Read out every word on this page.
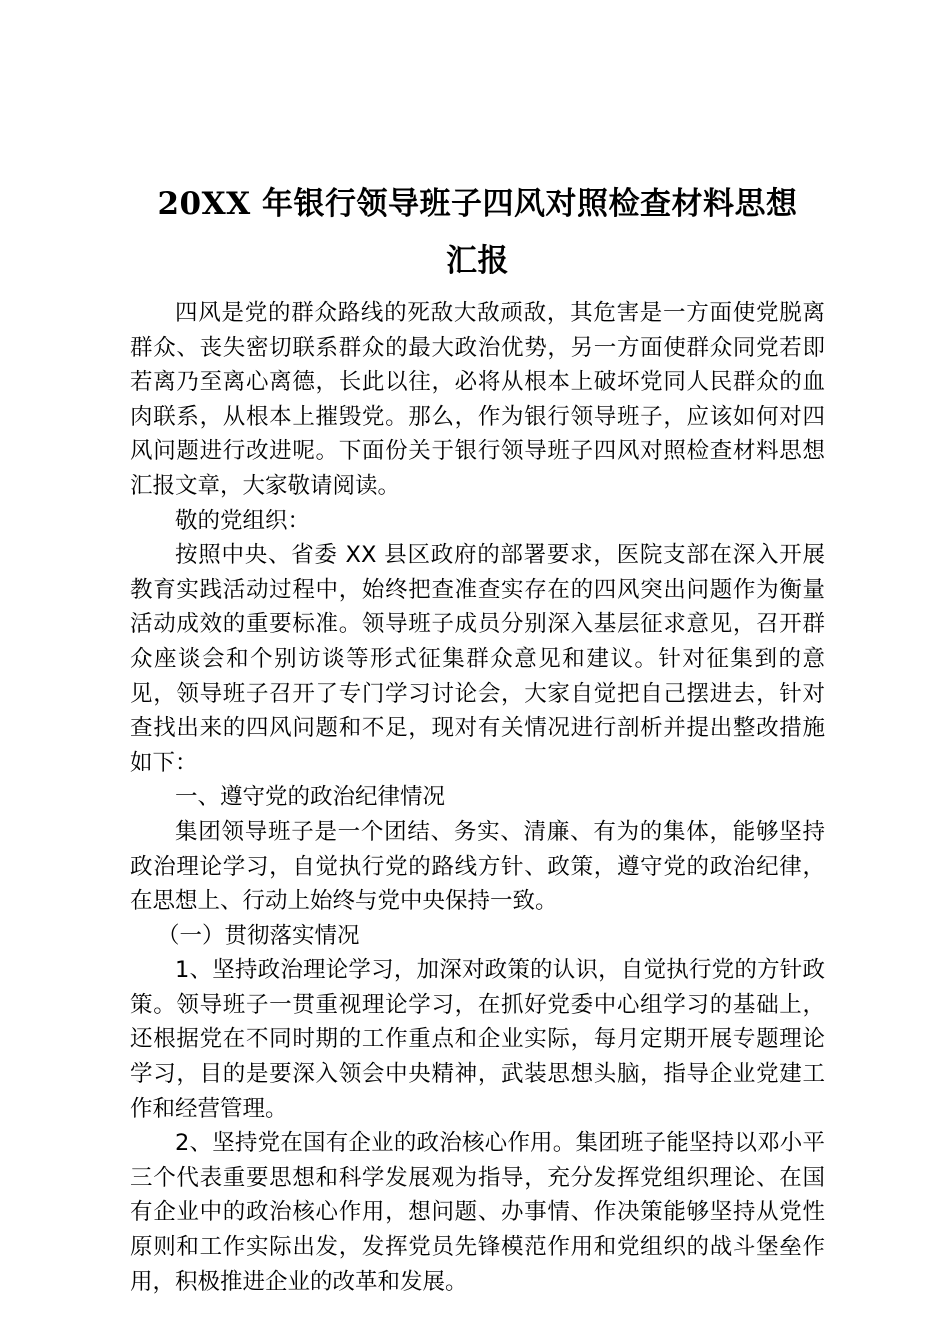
20XX 年银行领导班子四风对照检查材料思想
汇报

四风是党的群众路线的死敌大敌顽敌，其危害是一方面使党脱离群众、丧失密切联系群众的最大政治优势，另一方面使群众同党若即若离乃至离心离德，长此以往，必将从根本上破坏党同人民群众的血肉联系，从根本上摧毁党。那么，作为银行领导班子，应该如何对四风问题进行改进呢。下面份关于银行领导班子四风对照检查材料思想汇报文章，大家敬请阅读。

敬的党组织：

按照中央、省委 XX 县区政府的部署要求，医院支部在深入开展教育实践活动过程中，始终把查准查实存在的四风突出问题作为衡量活动成效的重要标准。领导班子成员分别深入基层征求意见，召开群众座谈会和个别访谈等形式征集群众意见和建议。针对征集到的意见，领导班子召开了专门学习讨论会，大家自觉把自己摆进去，针对查找出来的四风问题和不足，现对有关情况进行剖析并提出整改措施如下：

一、遵守党的政治纪律情况

集团领导班子是一个团结、务实、清廉、有为的集体，能够坚持政治理论学习，自觉执行党的路线方针、政策，遵守党的政治纪律，在思想上、行动上始终与党中央保持一致。

（一）贯彻落实情况

1、坚持政治理论学习，加深对政策的认识，自觉执行党的方针政策。领导班子一贯重视理论学习，在抓好党委中心组学习的基础上，还根据党在不同时期的工作重点和企业实际，每月定期开展专题理论学习，目的是要深入领会中央精神，武装思想头脑，指导企业党建工作和经营管理。

2、坚持党在国有企业的政治核心作用。集团班子能坚持以邓小平三个代表重要思想和科学发展观为指导，充分发挥党组织理论、在国有企业中的政治核心作用，想问题、办事情、作决策能够坚持从党性原则和工作实际出发，发挥党员先锋模范作用和党组织的战斗堡垒作用，积极推进企业的改革和发展。
